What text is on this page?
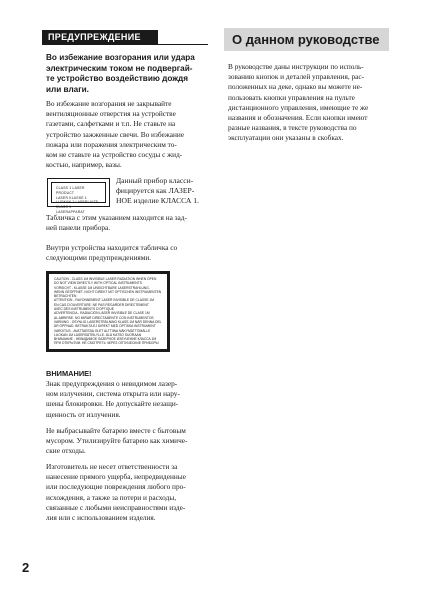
ПРЕДУПРЕЖДЕНИЕ
Во избежание возгорания или удара
электрическим током не подвергай-
те устройство воздействию дождя
или влаги.
Во избежание возгорания не закрывайте
вентиляционные отверстия на устройстве
газетами, салфетками и т.п. Не ставьте на
устройство зажженные свечи. Во избежание
пожара или поражения электрическим то-
ком не ставьте на устройство сосуды с жид-
костью, например, вазы.
CLASS 1 LASER PRODUCT
LASER KLASSE 1
LUOKAN 1 LASERLAITE
KLASS 1 LASERAPPARAT
Данный прибор класси-
фицируется как ЛАЗЕР-
НОЕ изделие КЛАССА 1.
Табличка с этим указанием находится на зад-
ней панели прибора.
Внутри устройства находится табличка со
следующими предупреждениями.
CAUTION - CLASS 1M INVISIBLE LASER RADIATION WHEN OPEN
DO NOT VIEW DIRECTLY WITH OPTICAL INSTRUMENTS
VORSICHT - KLASSE 1M UNSICHTBARE LASERSTRAHLUNG,
WENN GEÖFFNET. NICHT DIREKT MIT OPTISCHEN INSTRUMENTEN
BETRACHTEN
ATTENTION - RAYONNEMENT LASER INVISIBLE DE CLASSE 1M
EN CAS D'OUVERTURE. NE PAS REGARDER DIRECTEMENT
AVEC DES INSTRUMENTS D'OPTIQUE
ADVERTENCIA - RADIACIÓN LÁSER INVISIBLE DE CLASE 1M
AL ABRIRSE. NO MIRAR DIRECTAMENTE CON INSTRUMENTOS
VARNING - OSYNLIG LASERSTRÅLNING KLASS 1M NÄR DENNA DEL
ÄR ÖPPNAD. BETRAKTA EJ DIREKT MED OPTISKA INSTRUMENT
VAROITUS - AVATTAESSA OLET ALTTIINA NÄKYMÄTTÖMÄLLE
LUOKAN 1M LASERSÄTEILYLLE. ÄLÄ KATSO SUORAAN
ВНИМАНИЕ - НЕВИДИМОЕ ЛАЗЕРНОЕ ИЗЛУЧЕНИЕ КЛАССА 1М
ПРИ ОТКРЫТИИ. НЕ СМОТРЕТЬ ЧЕРЕЗ ОПТИЧЕСКИЕ ПРИБОРЫ
ВНИМАНИЕ!
Знак предупреждения о невидимом лазер-
ном излучении, система открыта или нару-
шены блокировки. Не допускайте незащи-
щенность от излучения.
Не выбрасывайте батарею вместе с бытовым
мусором. Утилизируйте батарею как химиче-
ские отходы.
Изготовитель не несет ответственности за
нанесение прямого ущерба, непредвиденные
или последующие повреждения любого про-
исхождения, а также за потери и расходы,
связанные с любыми неисправностями изде-
лия или с использованием изделия.
2
О данном руководстве
В руководстве даны инструкции по исполь-
зованию кнопок и деталей управления, рас-
положенных на деке, однако вы можете не-
пользовать кнопки управления на пульте
дистанционного управления, имеющие те же
названия и обозначения. Если кнопки имеют
разные названия, в тексте руководства по
эксплуатации они указаны в скобках.
